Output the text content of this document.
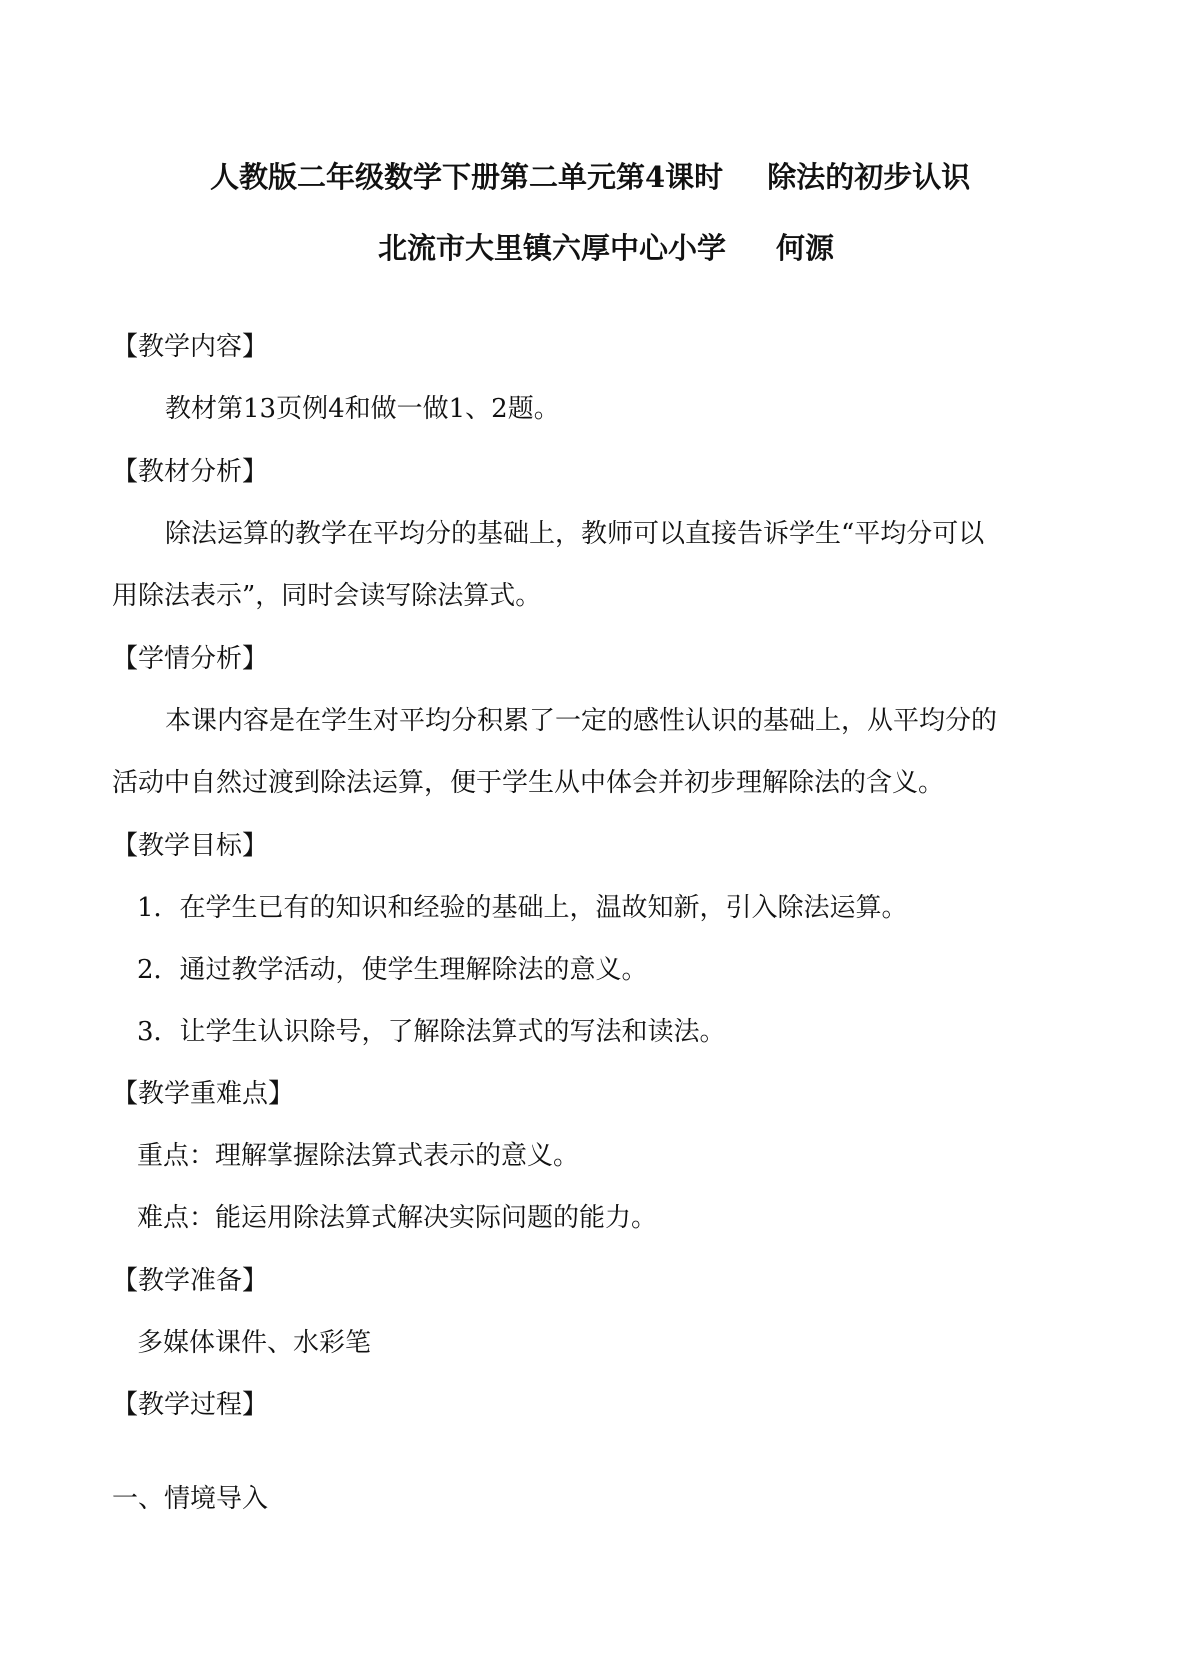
人教版二年级数学下册第二单元第4课时 除法的初步认识
北流市大里镇六厚中心小学 何源
【教学内容】
教材第13页例4和做一做1、2题。
【教材分析】
除法运算的教学在平均分的基础上，教师可以直接告诉学生“平均分可以
用除法表示”，同时会读写除法算式。
【学情分析】
本课内容是在学生对平均分积累了一定的感性认识的基础上，从平均分的
活动中自然过渡到除法运算，便于学生从中体会并初步理解除法的含义。
【教学目标】
1．在学生已有的知识和经验的基础上，温故知新，引入除法运算。
2．通过教学活动，使学生理解除法的意义。
3．让学生认识除号，了解除法算式的写法和读法。
【教学重难点】
重点：理解掌握除法算式表示的意义。
难点：能运用除法算式解决实际问题的能力。
【教学准备】
多媒体课件、水彩笔
【教学过程】
一、情境导入
